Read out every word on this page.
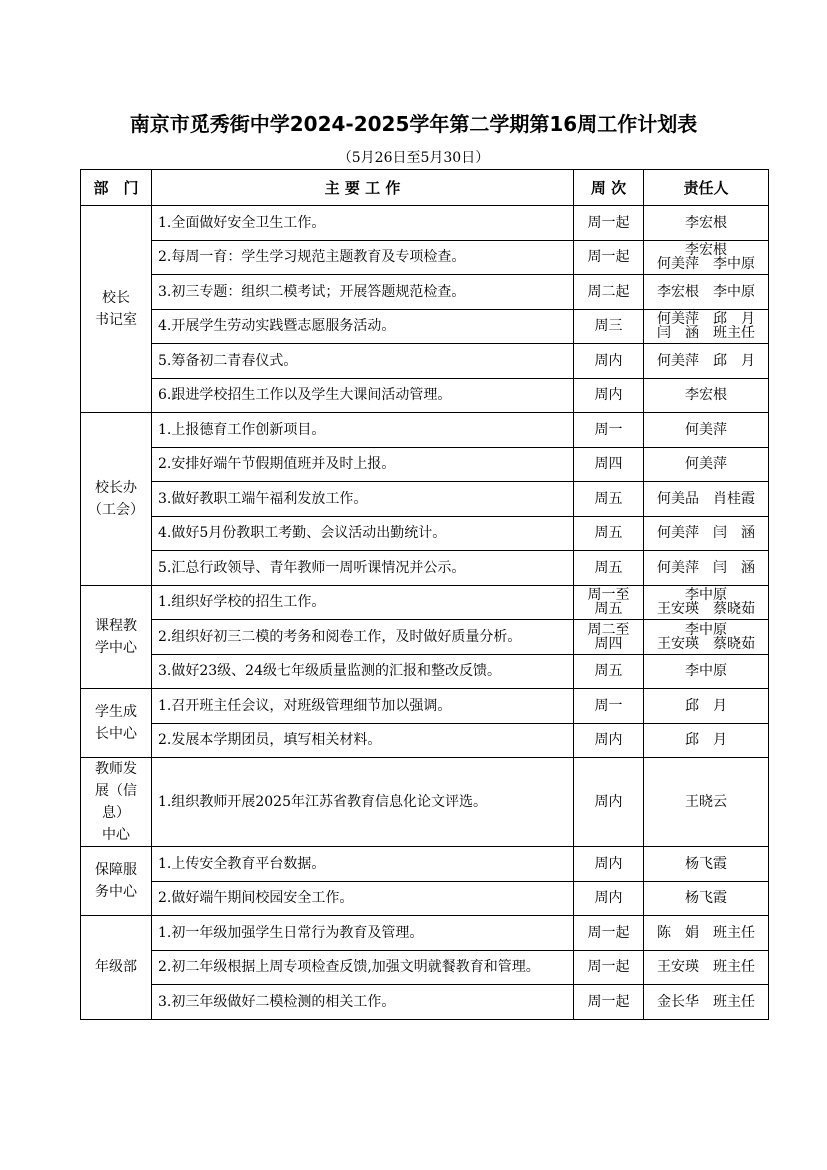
南京市觅秀街中学2024-2025学年第二学期第16周工作计划表
（5月26日至5月30日）
部　门	主 要 工 作	周 次	责任人
校长
书记室	1.全面做好安全卫生工作。	周一起	李宏根
	2.每周一育：学生学习规范主题教育及专项检查。	周一起	李宏根
何美萍　李中原
	3.初三专题：组织二模考试；开展答题规范检查。	周二起	李宏根　李中原
	4.开展学生劳动实践暨志愿服务活动。	周三	何美萍　邱　月
闫　涵　班主任
	5.筹备初二青春仪式。	周内	何美萍　邱　月
	6.跟进学校招生工作以及学生大课间活动管理。	周内	李宏根
校长办
（工会）	1.上报德育工作创新项目。	周一	何美萍
	2.安排好端午节假期值班并及时上报。	周四	何美萍
	3.做好教职工端午福利发放工作。	周五	何美品　肖桂霞
	4.做好5月份教职工考勤、会议活动出勤统计。	周五	何美萍　闫　涵
	5.汇总行政领导、青年教师一周听课情况并公示。	周五	何美萍　闫　涵
课程教
学中心	1.组织好学校的招生工作。	周一至
周五	李中原
王安瑛　蔡晓茹
	2.组织好初三二模的考务和阅卷工作，及时做好质量分析。	周二至
周四	李中原
王安瑛　蔡晓茹
	3.做好23级、24级七年级质量监测的汇报和整改反馈。	周五	李中原
学生成
长中心	1.召开班主任会议，对班级管理细节加以强调。	周一	邱　月
	2.发展本学期团员，填写相关材料。	周内	邱　月
教师发
展（信息）
中心	1.组织教师开展2025年江苏省教育信息化论文评选。	周内	王晓云
保障服
务中心	1.上传安全教育平台数据。	周内	杨飞霞
	2.做好端午期间校园安全工作。	周内	杨飞霞
年级部	1.初一年级加强学生日常行为教育及管理。	周一起	陈　娟　班主任
	2.初二年级根据上周专项检查反馈,加强文明就餐教育和管理。	周一起	王安瑛　班主任
	3.初三年级做好二模检测的相关工作。	周一起	金长华　班主任
